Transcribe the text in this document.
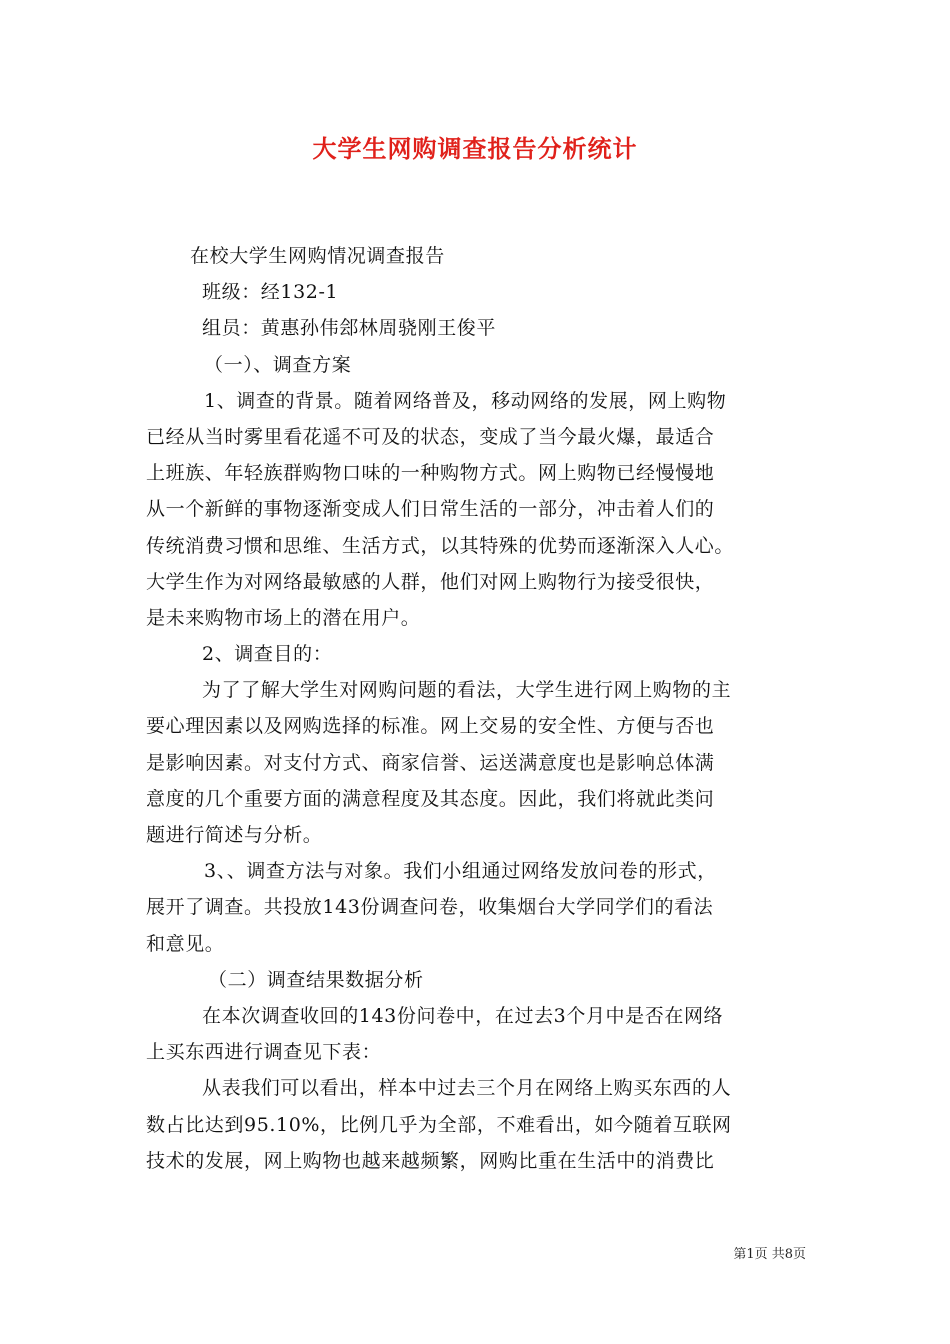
大学生网购调查报告分析统计
在校大学生网购情况调查报告
班级：经132-1
组员：黄惠孙伟郐林周骁刚王俊平
（一）、调查方案
1、调查的背景。随着网络普及，移动网络的发展，网上购物
已经从当时雾里看花遥不可及的状态，变成了当今最火爆，最适合
上班族、年轻族群购物口味的一种购物方式。网上购物已经慢慢地
从一个新鲜的事物逐渐变成人们日常生活的一部分，冲击着人们的
传统消费习惯和思维、生活方式，以其特殊的优势而逐渐深入人心。
大学生作为对网络最敏感的人群，他们对网上购物行为接受很快，
是未来购物市场上的潜在用户。
2、调查目的：
为了了解大学生对网购问题的看法，大学生进行网上购物的主
要心理因素以及网购选择的标准。网上交易的安全性、方便与否也
是影响因素。对支付方式、商家信誉、运送满意度也是影响总体满
意度的几个重要方面的满意程度及其态度。因此，我们将就此类问
题进行简述与分析。
3、、调查方法与对象。我们小组通过网络发放问卷的形式，
展开了调查。共投放143份调查问卷，收集烟台大学同学们的看法
和意见。
（二）调查结果数据分析
在本次调查收回的143份问卷中，在过去3个月中是否在网络
上买东西进行调查见下表：
从表我们可以看出，样本中过去三个月在网络上购买东西的人
数占比达到95.10%，比例几乎为全部，不难看出，如今随着互联网
技术的发展，网上购物也越来越频繁，网购比重在生活中的消费比
第1页 共8页
